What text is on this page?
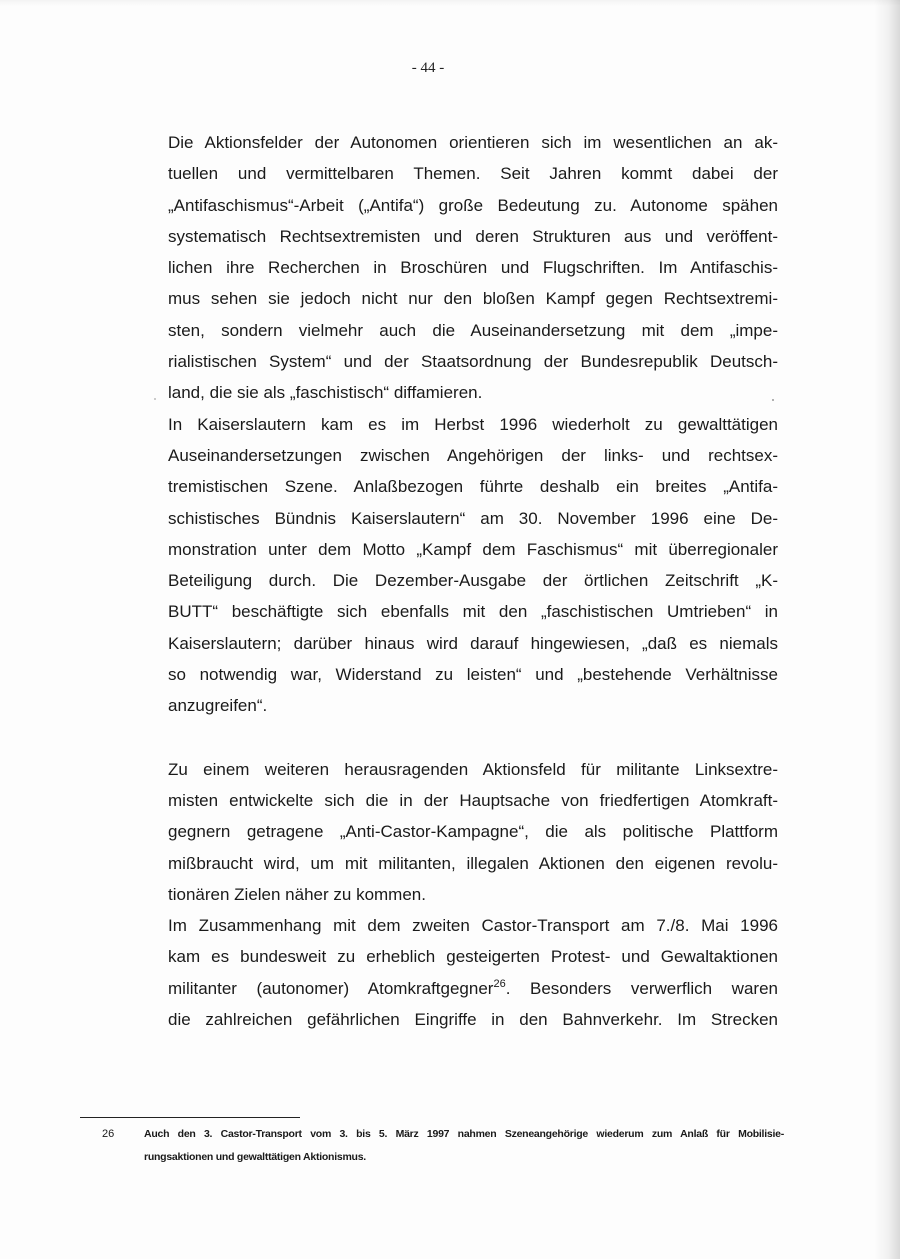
- 44 -
Die Aktionsfelder der Autonomen orientieren sich im wesentlichen an ak-
tuellen und vermittelbaren Themen. Seit Jahren kommt dabei der
„Antifaschismus“-Arbeit („Antifa“) große Bedeutung zu. Autonome spähen
systematisch Rechtsextremisten und deren Strukturen aus und veröffent-
lichen ihre Recherchen in Broschüren und Flugschriften. Im Antifaschis-
mus sehen sie jedoch nicht nur den bloßen Kampf gegen Rechtsextremi-
sten, sondern vielmehr auch die Auseinandersetzung mit dem „impe-
rialistischen System“ und der Staatsordnung der Bundesrepublik Deutsch-
land, die sie als „faschistisch“ diffamieren.
In Kaiserslautern kam es im Herbst 1996 wiederholt zu gewalttätigen
Auseinandersetzungen zwischen Angehörigen der links- und rechtsex-
tremistischen Szene. Anlaßbezogen führte deshalb ein breites „Antifa-
schistisches Bündnis Kaiserslautern“ am 30. November 1996 eine De-
monstration unter dem Motto „Kampf dem Faschismus“ mit überregionaler
Beteiligung durch. Die Dezember-Ausgabe der örtlichen Zeitschrift „K-
BUTT“ beschäftigte sich ebenfalls mit den „faschistischen Umtrieben“ in
Kaiserslautern; darüber hinaus wird darauf hingewiesen, „daß es niemals
so notwendig war, Widerstand zu leisten“ und „bestehende Verhältnisse
anzugreifen“.
Zu einem weiteren herausragenden Aktionsfeld für militante Linksextre-
misten entwickelte sich die in der Hauptsache von friedfertigen Atomkraft-
gegnern getragene „Anti-Castor-Kampagne“, die als politische Plattform
mißbraucht wird, um mit militanten, illegalen Aktionen den eigenen revolu-
tionären Zielen näher zu kommen.
Im Zusammenhang mit dem zweiten Castor-Transport am 7./8. Mai 1996
kam es bundesweit zu erheblich gesteigerten Protest- und Gewaltaktionen
militanter (autonomer) Atomkraftgegner$^{26}$. Besonders verwerflich waren
die zahlreichen gefährlichen Eingriffe in den Bahnverkehr. Im Strecken
26	Auch den 3. Castor-Transport vom 3. bis 5. März 1997 nahmen Szeneangehörige wiederum zum Anlaß für Mobilisie-
rungsaktionen und gewalttätigen Aktionismus.
